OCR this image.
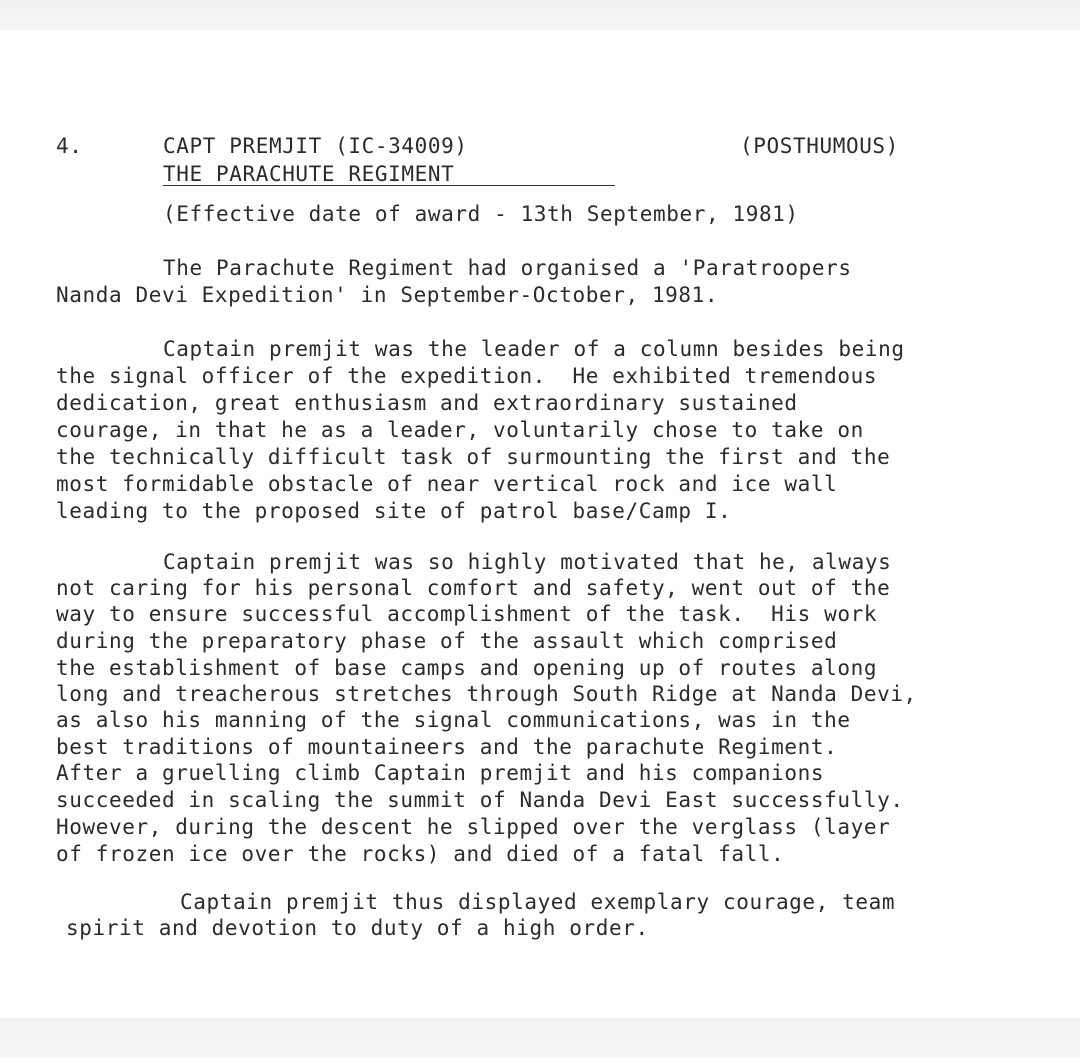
4.

	CAPT PREMJIT (IC-34009)

	(POSTHUMOUS)

THE PARACHUTE REGIMENT

(Effective date of award - 13th September, 1981)

The Parachute Regiment had organised a 'Paratroopers

Nanda Devi Expedition' in September-October, 1981.

Captain premjit was the leader of a column besides being

the signal officer of the expedition.  He exhibited tremendous

dedication, great enthusiasm and extraordinary sustained

courage, in that he as a leader, voluntarily chose to take on

the technically difficult task of surmounting the first and the

most formidable obstacle of near vertical rock and ice wall

leading to the proposed site of patrol base/Camp I.

Captain premjit was so highly motivated that he, always

not caring for his personal comfort and safety, went out of the

way to ensure successful accomplishment of the task.  His work

during the preparatory phase of the assault which comprised

the establishment of base camps and opening up of routes along

long and treacherous stretches through South Ridge at Nanda Devi,

as also his manning of the signal communications, was in the

best traditions of mountaineers and the parachute Regiment.

After a gruelling climb Captain premjit and his companions

succeeded in scaling the summit of Nanda Devi East successfully.

However, during the descent he slipped over the verglass (layer

of frozen ice over the rocks) and died of a fatal fall.

Captain premjit thus displayed exemplary courage, team

spirit and devotion to duty of a high order.
